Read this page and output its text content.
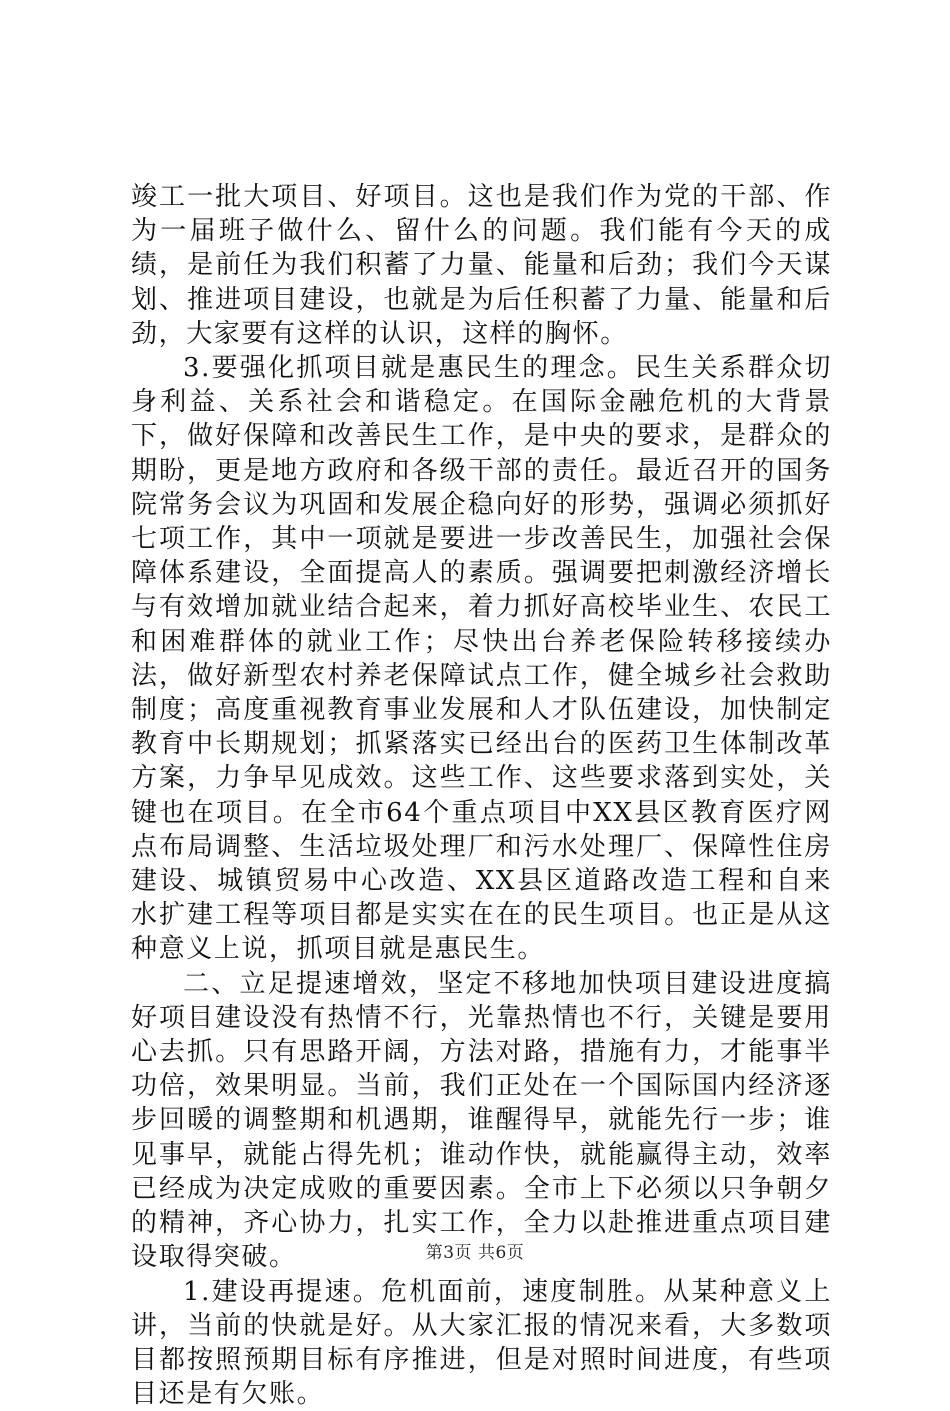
竣工一批大项目、好项目。这也是我们作为党的干部、作为一届班子做什么、留什么的问题。我们能有今天的成绩，是前任为我们积蓄了力量、能量和后劲；我们今天谋划、推进项目建设，也就是为后任积蓄了力量、能量和后劲，大家要有这样的认识，这样的胸怀。

3.要强化抓项目就是惠民生的理念。民生关系群众切身利益、关系社会和谐稳定。在国际金融危机的大背景下，做好保障和改善民生工作，是中央的要求，是群众的期盼，更是地方政府和各级干部的责任。最近召开的国务院常务会议为巩固和发展企稳向好的形势，强调必须抓好七项工作，其中一项就是要进一步改善民生，加强社会保障体系建设，全面提高人的素质。强调要把刺激经济增长与有效增加就业结合起来，着力抓好高校毕业生、农民工和困难群体的就业工作；尽快出台养老保险转移接续办法，做好新型农村养老保障试点工作，健全城乡社会救助制度；高度重视教育事业发展和人才队伍建设，加快制定教育中长期规划；抓紧落实已经出台的医药卫生体制改革方案，力争早见成效。这些工作、这些要求落到实处，关键也在项目。在全市64个重点项目中XX县区教育医疗网点布局调整、生活垃圾处理厂和污水处理厂、保障性住房建设、城镇贸易中心改造、XX县区道路改造工程和自来水扩建工程等项目都是实实在在的民生项目。也正是从这种意义上说，抓项目就是惠民生。

二、立足提速增效，坚定不移地加快项目建设进度搞好项目建设没有热情不行，光靠热情也不行，关键是要用心去抓。只有思路开阔，方法对路，措施有力，才能事半功倍，效果明显。当前，我们正处在一个国际国内经济逐步回暖的调整期和机遇期，谁醒得早，就能先行一步；谁见事早，就能占得先机；谁动作快，就能赢得主动，效率已经成为决定成败的重要因素。全市上下必须以只争朝夕的精神，齐心协力，扎实工作，全力以赴推进重点项目建设取得突破。

1.建设再提速。危机面前，速度制胜。从某种意义上讲，当前的快就是好。从大家汇报的情况来看，大多数项目都按照预期目标有序推进，但是对照时间进度，有些项目还是有欠账。

第3页 共6页
